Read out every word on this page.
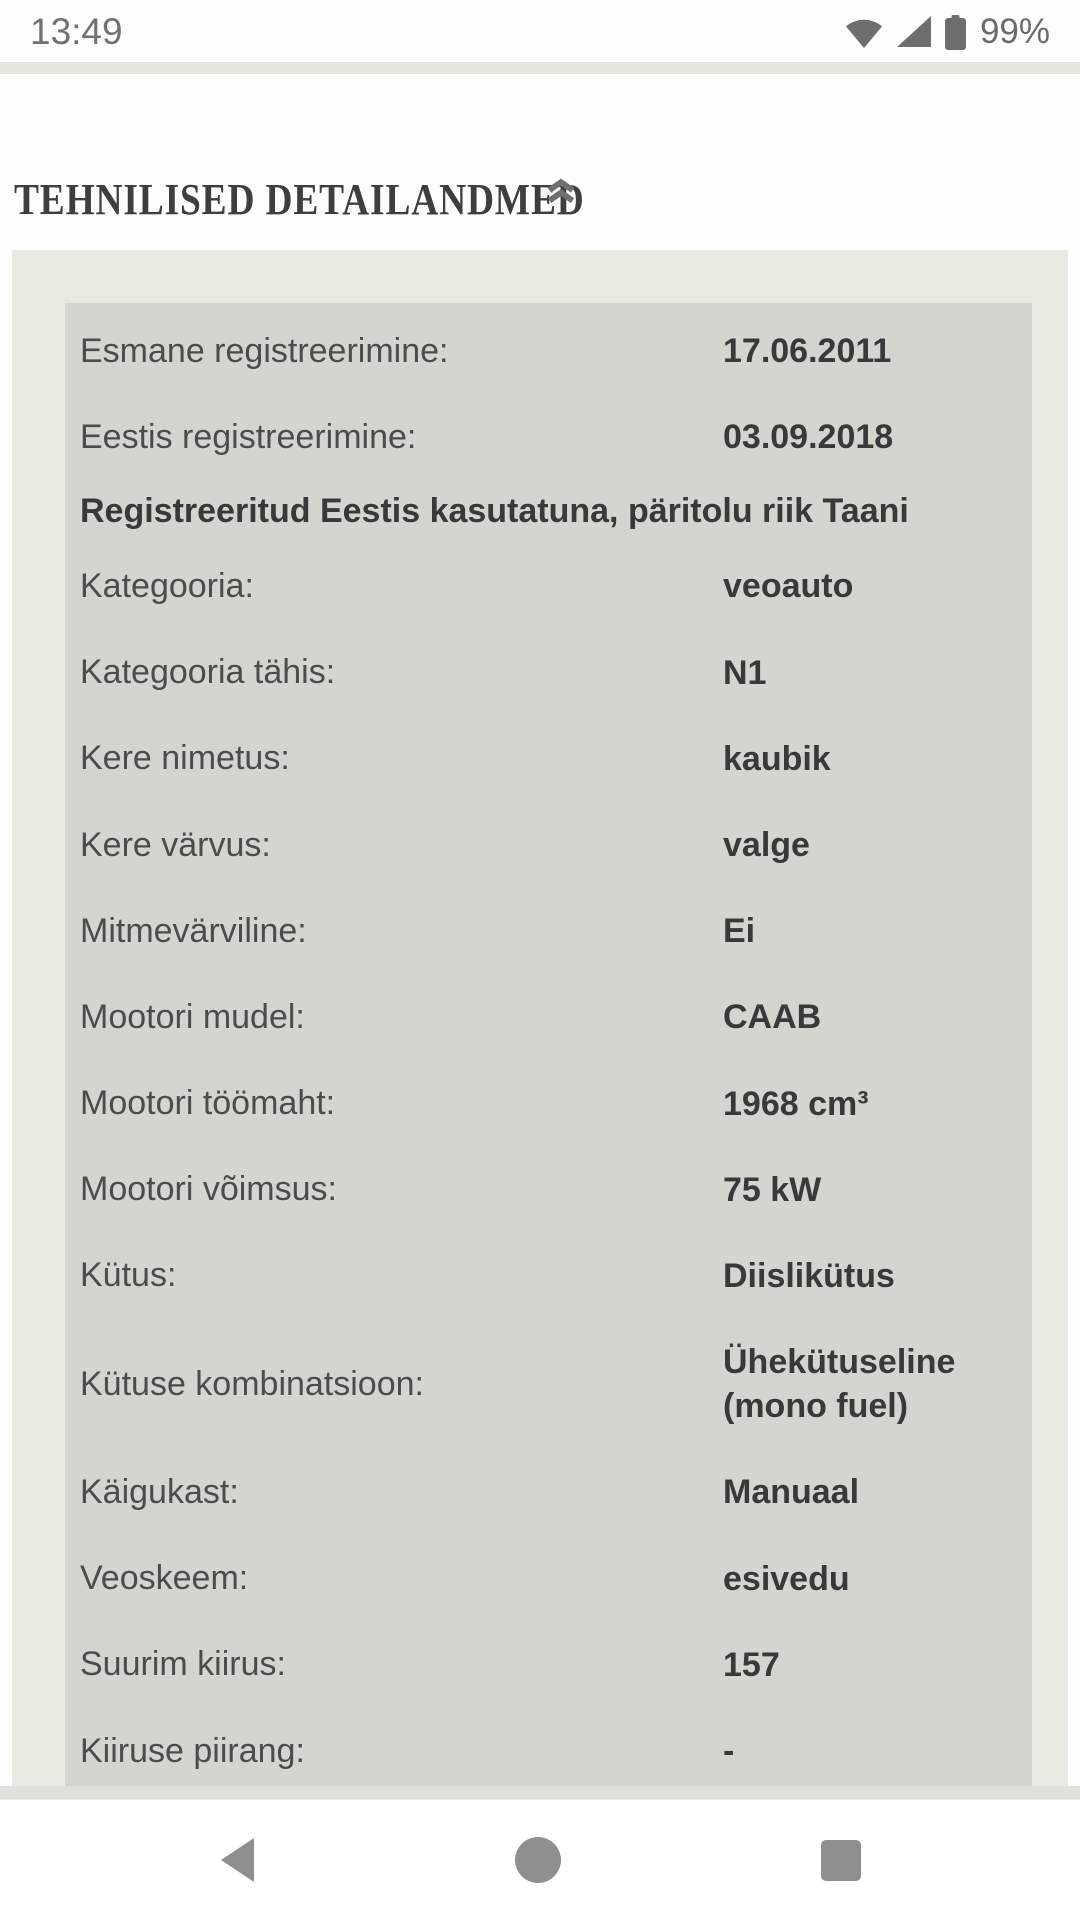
13:49	99%
TEHNILISED DETAILANDMED
Esmane registreerimine:	17.06.2011
Eestis registreerimine:	03.09.2018
Registreeritud Eestis kasutatuna, päritolu riik Taani
Kategooria:	veoauto
Kategooria tähis:	N1
Kere nimetus:	kaubik
Kere värvus:	valge
Mitmevärviline:	Ei
Mootori mudel:	CAAB
Mootori töömaht:	1968 cm³
Mootori võimsus:	75 kW
Kütus:	Diislikütus
Kütuse kombinatsioon:
Ühekütuseline (mono fuel)
Käigukast:	Manuaal
Veoskeem:	esivedu
Suurim kiirus:	157
Kiiruse piirang:	-
